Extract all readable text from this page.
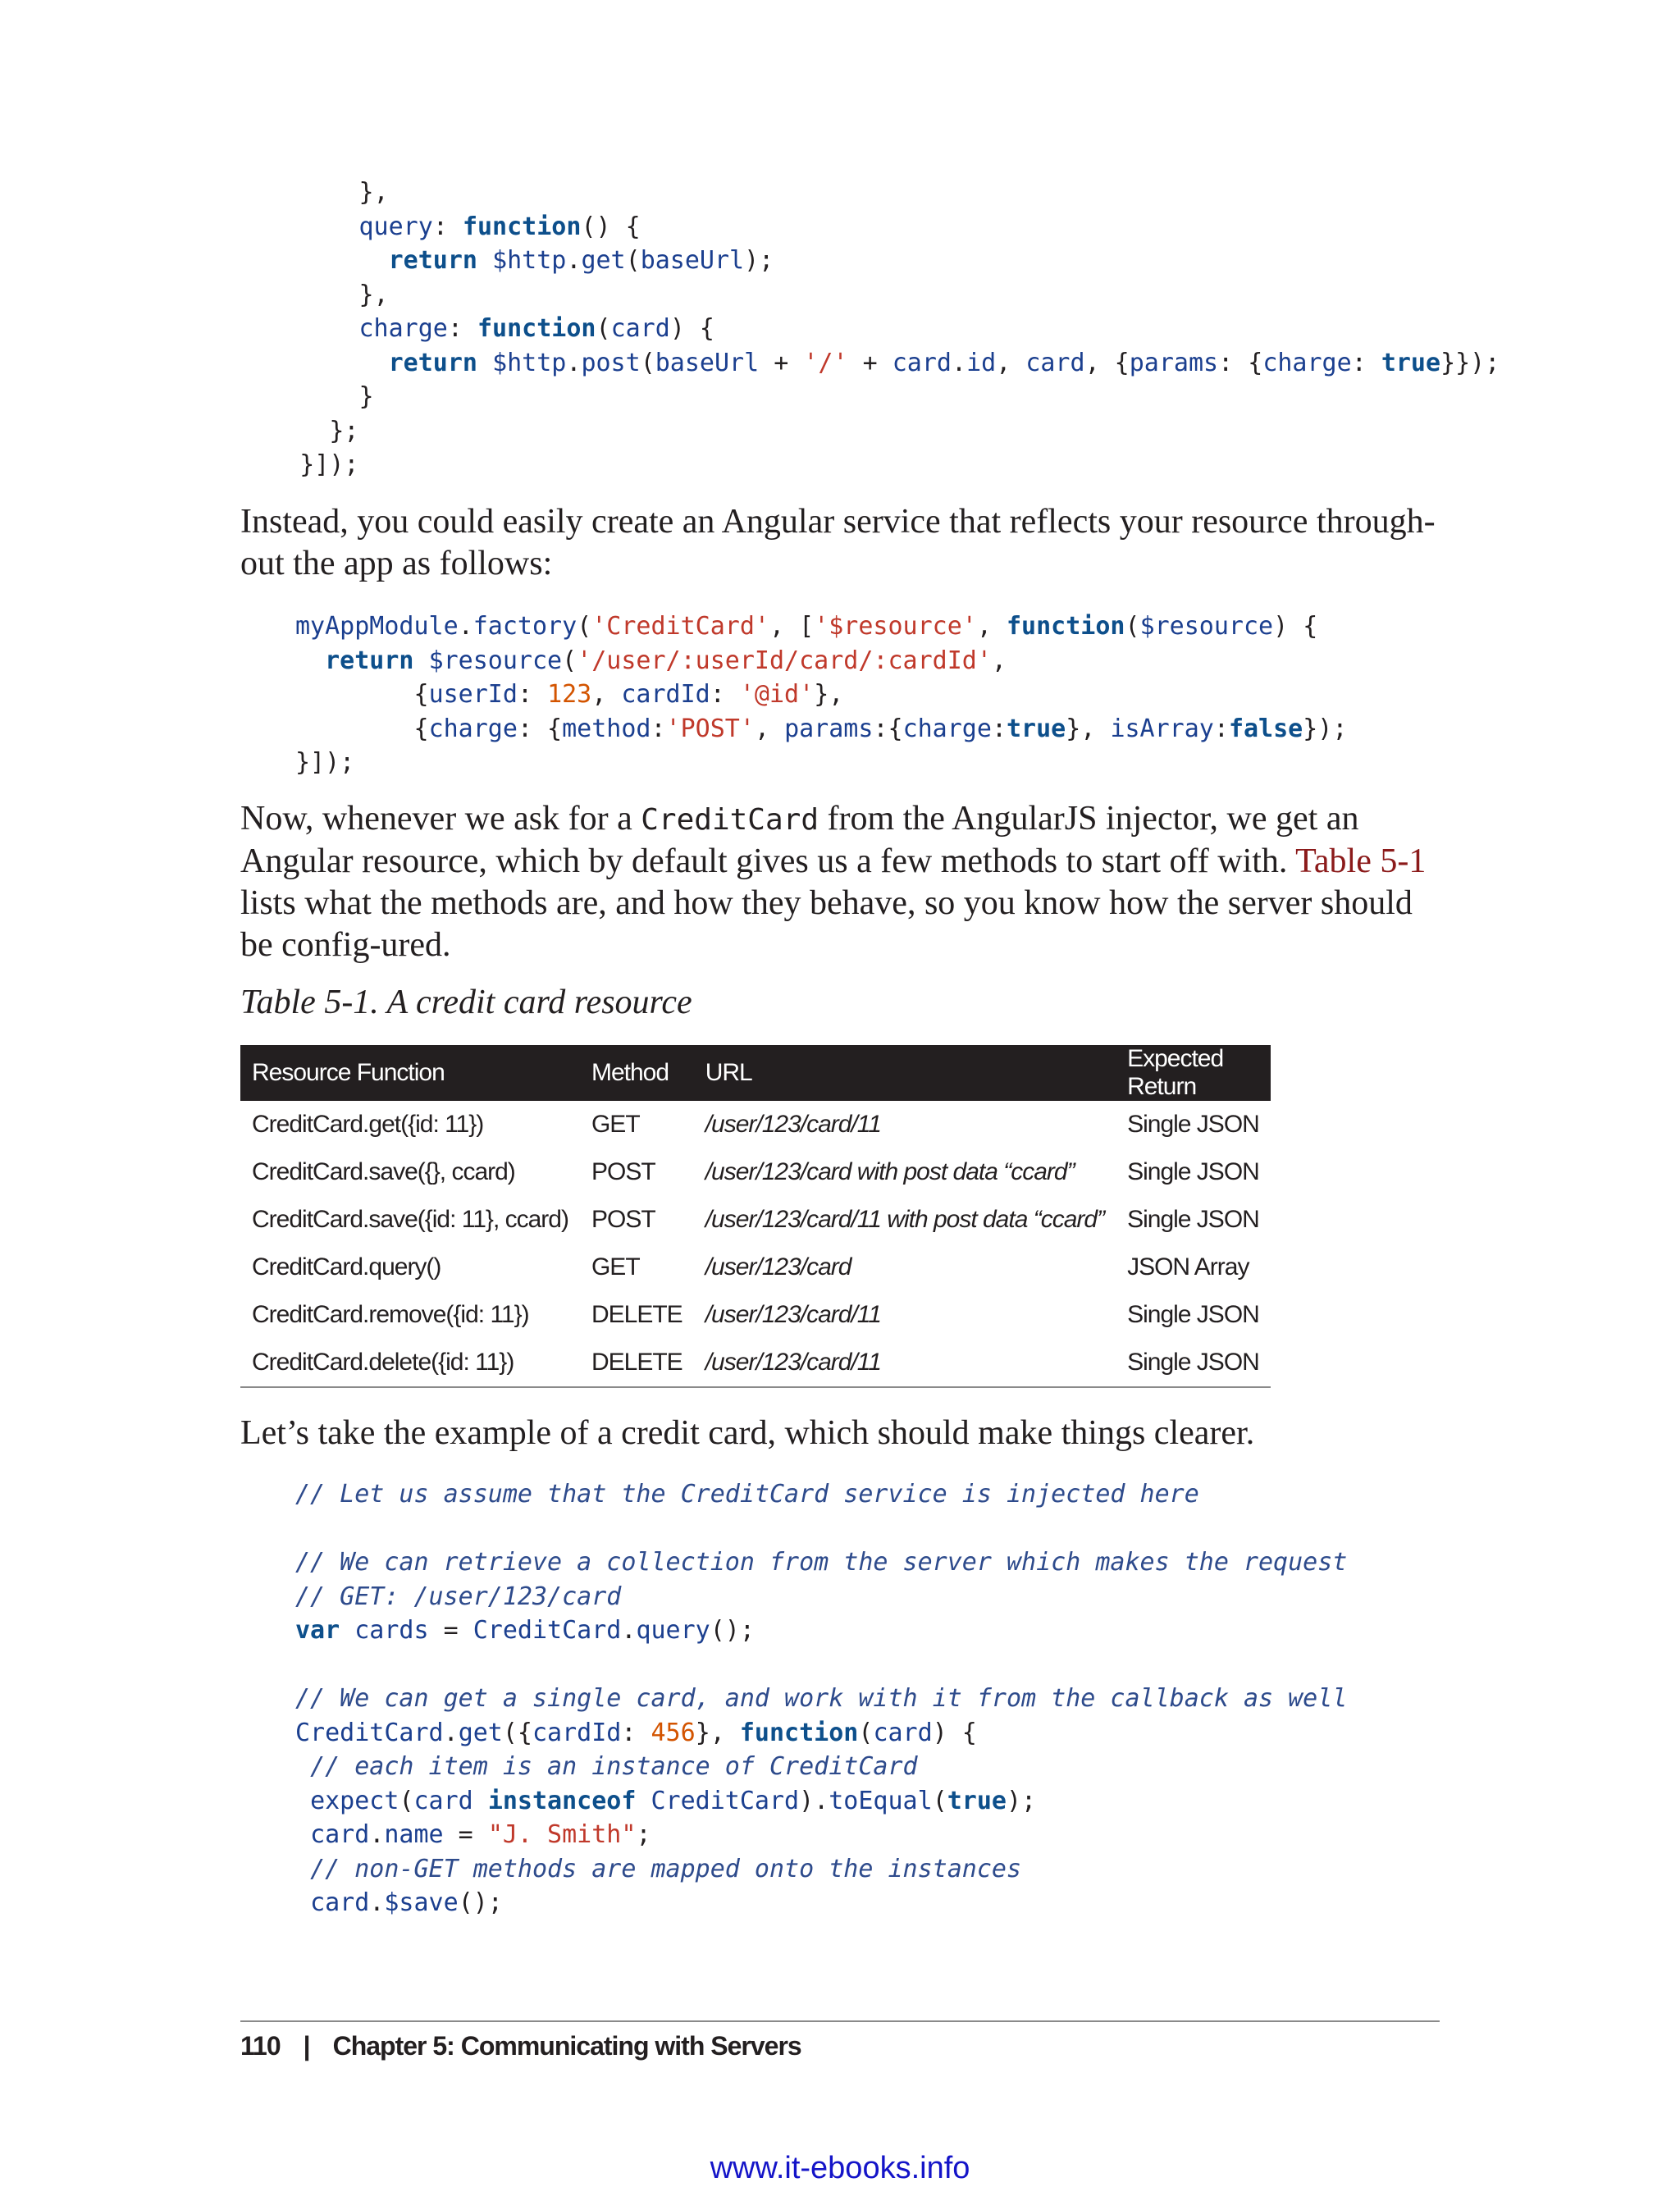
},
query: function() {
return $http.get(baseUrl);
},
charge: function(card) {
return $http.post(baseUrl + '/' + card.id, card, {params: {charge: true}});
}
};
}]);

Instead, you could easily create an Angular service that reflects your resource through-out the app as follows:

myAppModule.factory('CreditCard', ['$resource', function($resource) {
return $resource('/user/:userId/card/:cardId',
{userId: 123, cardId: '@id'},
{charge: {method:'POST', params:{charge:true}, isArray:false});
}]);

Now, whenever we ask for a CreditCard from the AngularJS injector, we get an Angular resource, which by default gives us a few methods to start off with. Table 5-1 lists what the methods are, and how they behave, so you know how the server should be config-ured.

Table 5-1. A credit card resource

Resource Function	Method	URL	Expected Return
CreditCard.get({id: 11})	GET	/user/123/card/11	Single JSON
CreditCard.save({}, ccard)	POST	/user/123/card with post data “ccard”	Single JSON
CreditCard.save({id: 11}, ccard)	POST	/user/123/card/11 with post data “ccard”	Single JSON
CreditCard.query()	GET	/user/123/card	JSON Array
CreditCard.remove({id: 11})	DELETE	/user/123/card/11	Single JSON
CreditCard.delete({id: 11})	DELETE	/user/123/card/11	Single JSON

Let’s take the example of a credit card, which should make things clearer.

// Let us assume that the CreditCard service is injected here

// We can retrieve a collection from the server which makes the request
// GET: /user/123/card
var cards = CreditCard.query();

// We can get a single card, and work with it from the callback as well
CreditCard.get({cardId: 456}, function(card) {
// each item is an instance of CreditCard
expect(card instanceof CreditCard).toEqual(true);
card.name = "J. Smith";
// non-GET methods are mapped onto the instances
card.$save();
110 | Chapter 5: Communicating with Servers
www.it-ebooks.info
